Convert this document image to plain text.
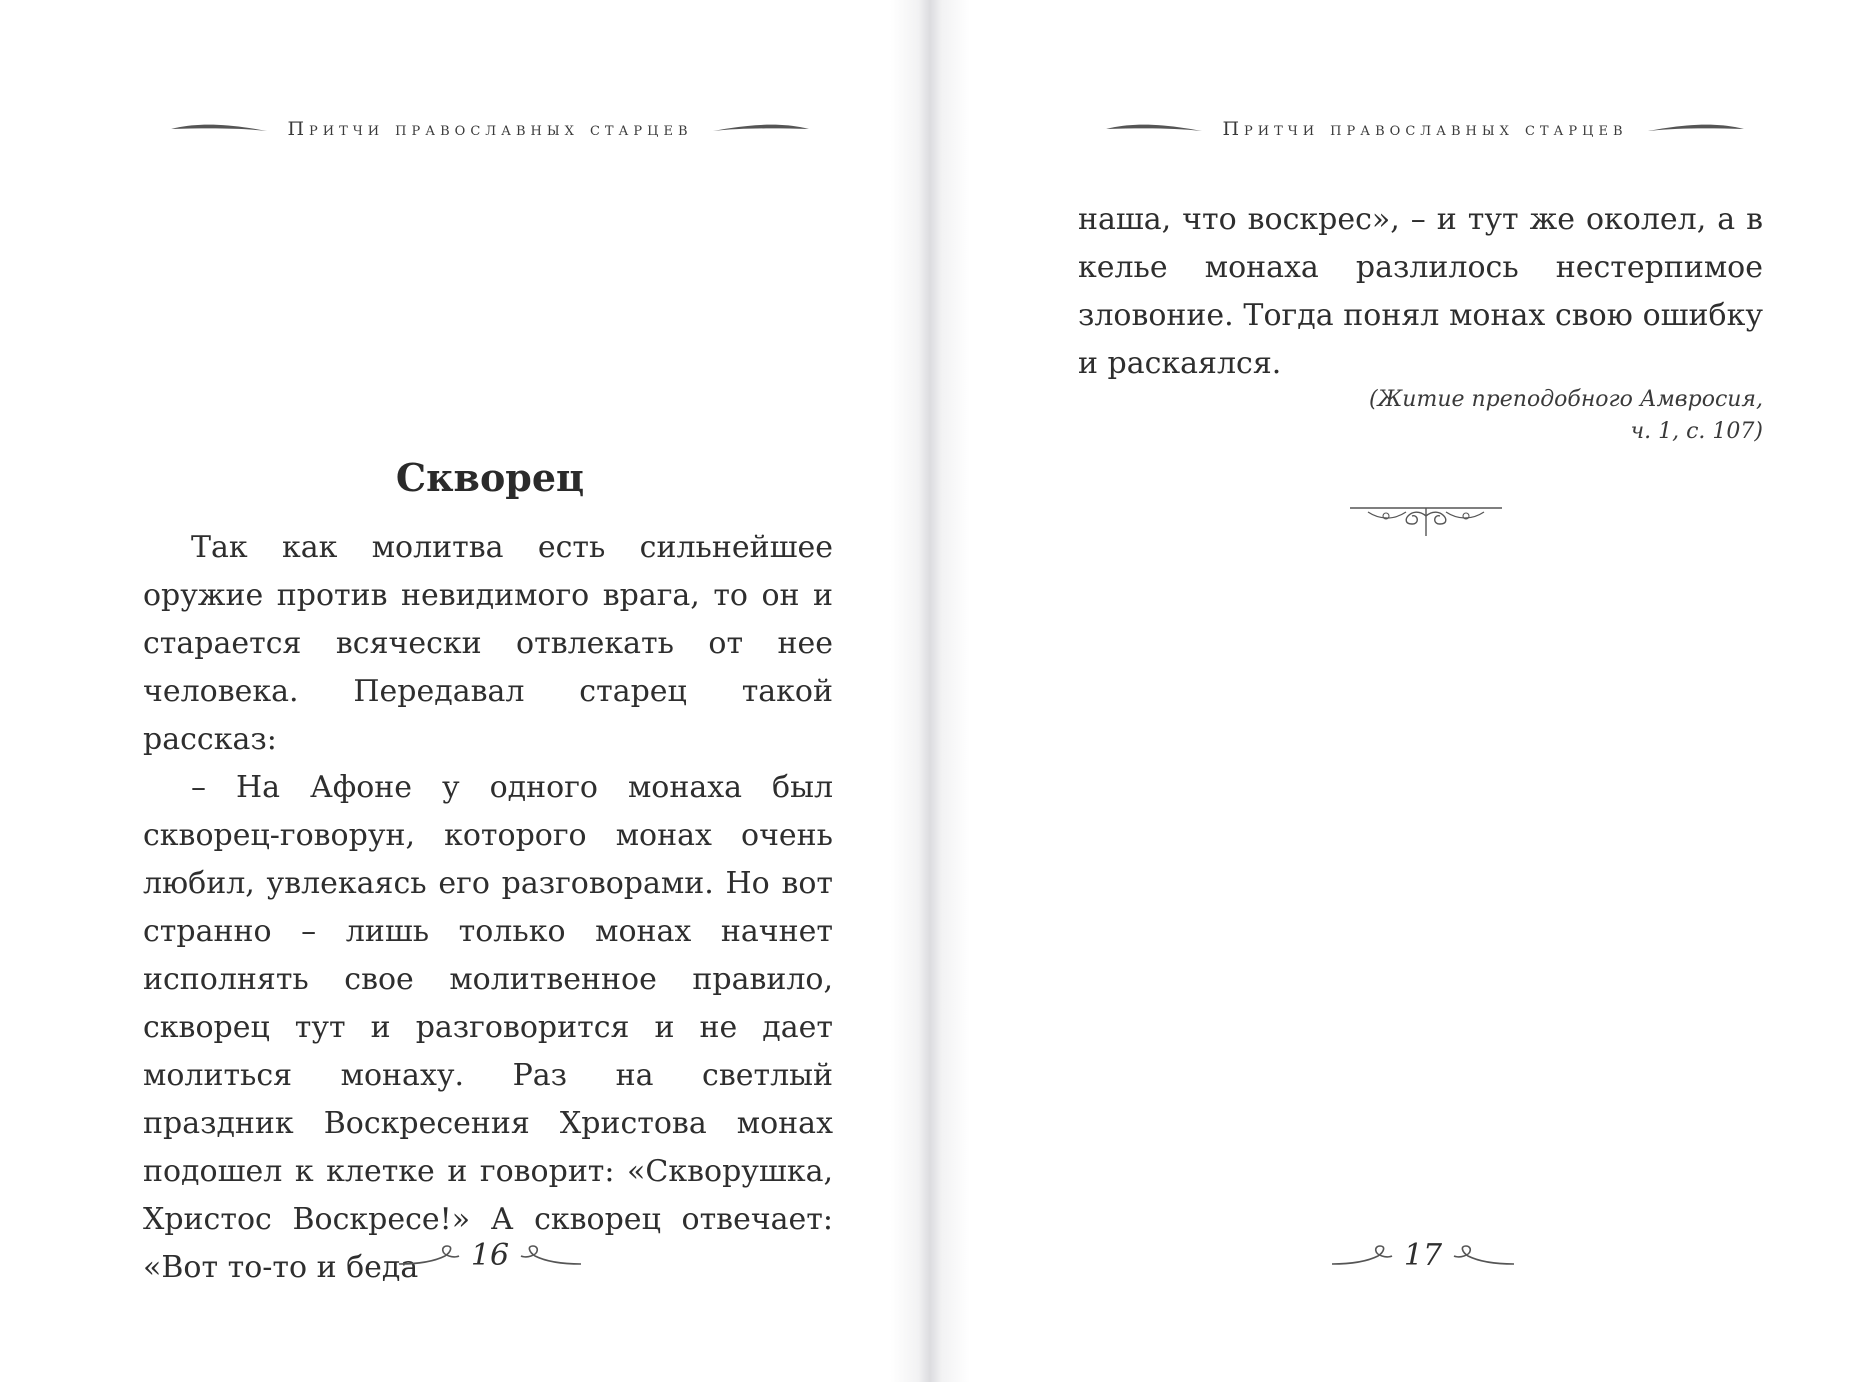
Притчи православных старцев
Скворец

Так как молитва есть сильнейшее оружие против невидимого врага, то он и старается всячески отвлекать от нее человека. Передавал старец такой рассказ:

– На Афоне у одного монаха был скворец-говорун, которого монах очень любил, увлекаясь его разговорами. Но вот странно – лишь только монах начнет исполнять свое молитвенное правило, скворец тут и разговорится и не дает молиться монаху. Раз на светлый праздник Воскресения Христова монах подошел к клетке и говорит: «Скворушка, Христос Воскресе!» А скворец отвечает: «Вот то-то и беда	16
Притчи православных старцев

наша, что воскрес», – и тут же околел, а в келье монаха разлилось нестерпимое зловоние. Тогда понял монах свою ошибку и раскаялся.

(Житие преподобного Амвросия,
ч. 1, с. 107)

17
